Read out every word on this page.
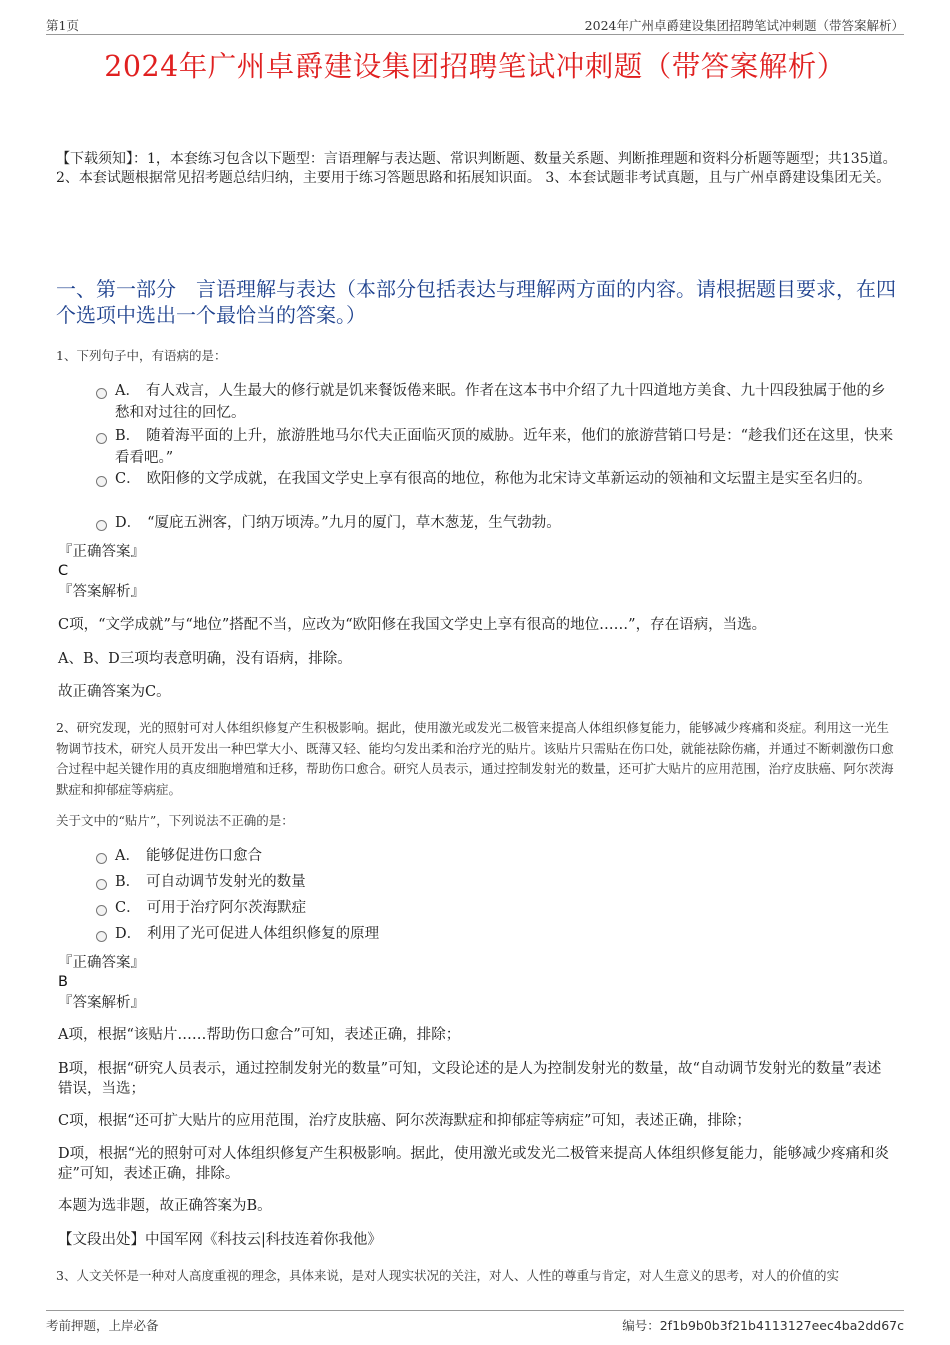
第1页	2024年广州卓爵建设集团招聘笔试冲刺题（带答案解析）
2024年广州卓爵建设集团招聘笔试冲刺题（带答案解析）
【下载须知】：1，本套练习包含以下题型：言语理解与表达题、常识判断题、数量关系题、判断推理题和资料分析题等题型；共135道。 2、本套试题根据常见招考题总结归纳，主要用于练习答题思路和拓展知识面。 3、本套试题非考试真题，且与广州卓爵建设集团无关。
一、第一部分　言语理解与表达（本部分包括表达与理解两方面的内容。请根据题目要求，在四个选项中选出一个最恰当的答案。）
1、下列句子中，有语病的是：
A． 有人戏言，人生最大的修行就是饥来餐饭倦来眠。作者在这本书中介绍了九十四道地方美食、九十四段独属于他的乡愁和对过往的回忆。
B． 随着海平面的上升，旅游胜地马尔代夫正面临灭顶的威胁。近年来，他们的旅游营销口号是：“趁我们还在这里，快来看看吧。”
C． 欧阳修的文学成就，在我国文学史上享有很高的地位，称他为北宋诗文革新运动的领袖和文坛盟主是实至名归的。
D． “厦庇五洲客，门纳万顷涛。”九月的厦门，草木葱茏，生气勃勃。
『正确答案』
C
『答案解析』
C项，“文学成就”与“地位”搭配不当，应改为“欧阳修在我国文学史上享有很高的地位……”，存在语病，当选。
A、B、D三项均表意明确，没有语病，排除。
故正确答案为C。
2、研究发现，光的照射可对人体组织修复产生积极影响。据此，使用激光或发光二极管来提高人体组织修复能力，能够减少疼痛和炎症。利用这一光生物调节技术，研究人员开发出一种巴掌大小、既薄又轻、能均匀发出柔和治疗光的贴片。该贴片只需贴在伤口处，就能祛除伤痛，并通过不断刺激伤口愈合过程中起关键作用的真皮细胞增殖和迁移，帮助伤口愈合。研究人员表示，通过控制发射光的数量，还可扩大贴片的应用范围，治疗皮肤癌、阿尔茨海默症和抑郁症等病症。
关于文中的“贴片”，下列说法不正确的是：
A． 能够促进伤口愈合
B． 可自动调节发射光的数量
C． 可用于治疗阿尔茨海默症
D． 利用了光可促进人体组织修复的原理
『正确答案』
B
『答案解析』
A项，根据“该贴片……帮助伤口愈合”可知，表述正确，排除；
B项，根据“研究人员表示，通过控制发射光的数量”可知，文段论述的是人为控制发射光的数量，故“自动调节发射光的数量”表述错误，当选；
C项，根据“还可扩大贴片的应用范围，治疗皮肤癌、阿尔茨海默症和抑郁症等病症”可知，表述正确，排除；
D项，根据“光的照射可对人体组织修复产生积极影响。据此，使用激光或发光二极管来提高人体组织修复能力，能够减少疼痛和炎症”可知，表述正确，排除。
本题为选非题，故正确答案为B。
【文段出处】中国军网《科技云|科技连着你我他》
3、人文关怀是一种对人高度重视的理念，具体来说，是对人现实状况的关注，对人、人性的尊重与肯定，对人生意义的思考，对人的价值的实
考前押题，上岸必备	编号：2f1b9b0b3f21b4113127eec4ba2dd67c
